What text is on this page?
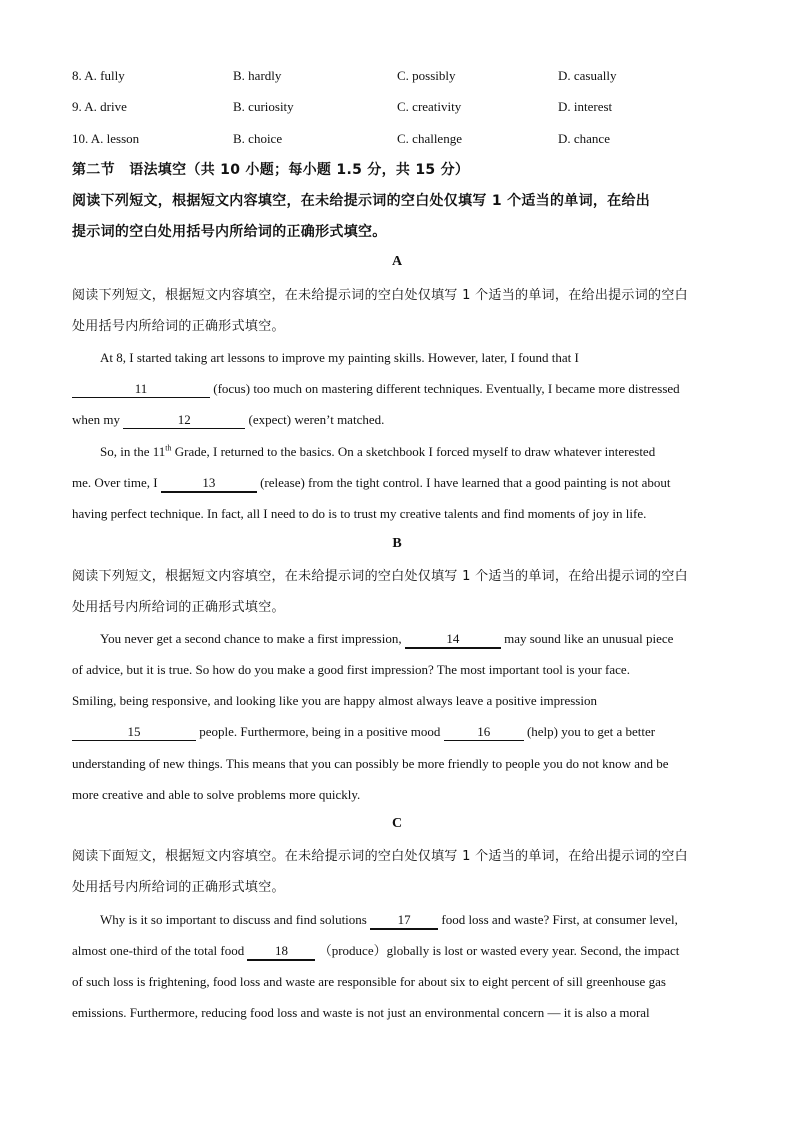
8. A. fully	B. hardly	C. possibly	D. casually
9. A. drive	B. curiosity	C. creativity	D. interest
10. A. lesson	B. choice	C. challenge	D. chance
第二节　语法填空（共 10 小题；每小题 1.5 分，共 15 分）
阅读下列短文，根据短文内容填空，在未给提示词的空白处仅填写 1 个适当的单词，在给出
提示词的空白处用括号内所给词的正确形式填空。
A
阅读下列短文，根据短文内容填空，在未给提示词的空白处仅填写 1 个适当的单词，在给出提示词的空白
处用括号内所给词的正确形式填空。
At 8, I started taking art lessons to improve my painting skills. However, later, I found that I
11	(focus) too much on mastering different techniques. Eventually, I became more distressed
when my	12	(expect) weren’t matched.
So, in the 11th Grade, I returned to the basics. On a sketchbook I forced myself to draw whatever interested
me. Over time, I	13	(release) from the tight control. I have learned that a good painting is not about
having perfect technique. In fact, all I need to do is to trust my creative talents and find moments of joy in life.
B
阅读下列短文，根据短文内容填空，在未给提示词的空白处仅填写 1 个适当的单词，在给出提示词的空白
处用括号内所给词的正确形式填空。
You never get a second chance to make a first impression,	14	may sound like an unusual piece
of advice, but it is true. So how do you make a good first impression? The most important tool is your face.
Smiling, being responsive, and looking like you are happy almost always leave a positive impression
15	people. Furthermore, being in a positive mood	16	(help) you to get a better
understanding of new things. This means that you can possibly be more friendly to people you do not know and be
more creative and able to solve problems more quickly.
C
阅读下面短文，根据短文内容填空。在未给提示词的空白处仅填写 1 个适当的单词，在给出提示词的空白
处用括号内所给词的正确形式填空。
Why is it so important to discuss and find solutions 17 food loss and waste? First, at consumer level,
almost one-third of the total food 18 （produce）globally is lost or wasted every year. Second, the impact
of such loss is frightening, food loss and waste are responsible for about six to eight percent of sill greenhouse gas
emissions. Furthermore, reducing food loss and waste is not just an environmental concern — it is also a moral
